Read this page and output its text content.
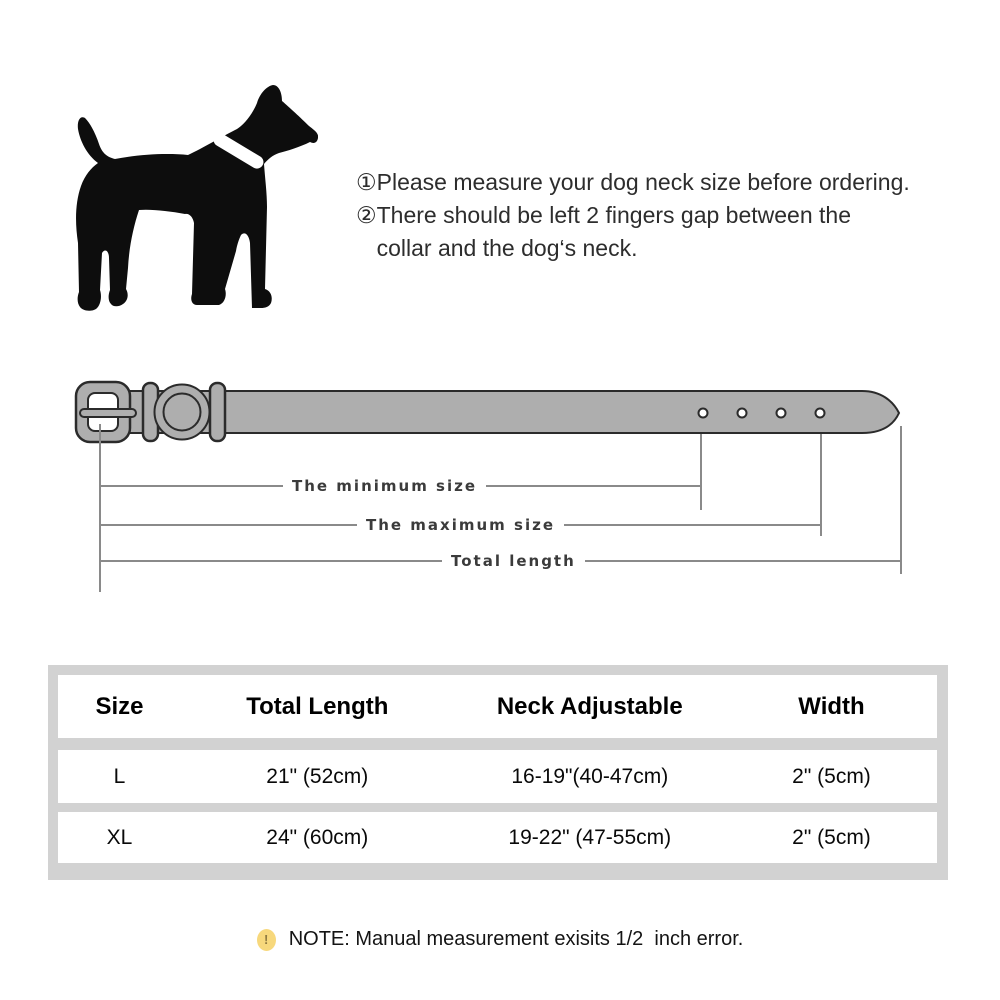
① Please measure your dog neck size before ordering.
② There should be left 2 fingers gap between the
collar and the dog‘s neck.
The minimum size
The maximum size
Total length
Size	Total Length	Neck Adjustable	Width
L	21" (52cm)	16-19"(40-47cm)	2" (5cm)
XL	24" (60cm)	19-22" (47-55cm)	2" (5cm)
!	NOTE: Manual measurement exisits 1/2  inch error.
